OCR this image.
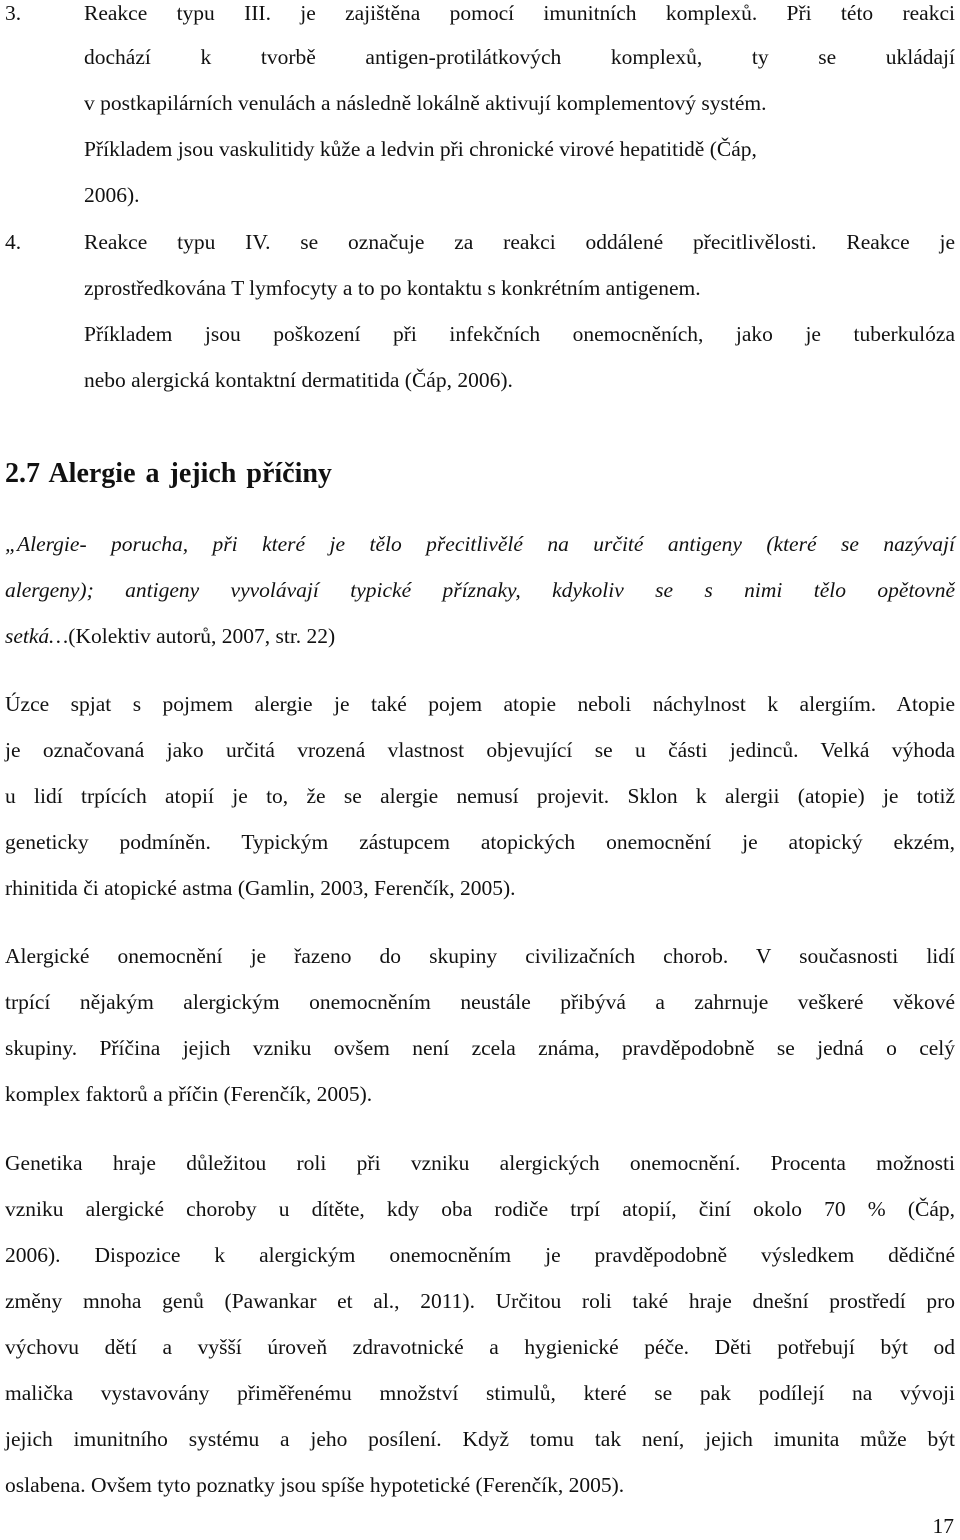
3.	Reakce typu III. je zajištěna pomocí imunitních komplexů. Při této reakci
dochází k tvorbě antigen-protilátkových komplexů, ty se ukládají
v postkapilárních venulách a následně lokálně aktivují komplementový systém.
Příkladem jsou vaskulitidy kůže a ledvin při chronické virové hepatitidě (Čáp,
2006).
4.	Reakce typu IV. se označuje za reakci oddálené přecitlivělosti. Reakce je
zprostředkována T lymfocyty a to po kontaktu s konkrétním antigenem.
Příkladem jsou poškození při infekčních onemocněních, jako je tuberkulóza
nebo alergická kontaktní dermatitida (Čáp, 2006).
2.7 Alergie a jejich příčiny
„Alergie- porucha, při které je tělo přecitlivělé na určité antigeny (které se nazývají
alergeny); antigeny vyvolávají typické příznaky, kdykoliv se s nimi tělo opětovně
setká…(Kolektiv autorů, 2007, str. 22)
Úzce spjat s pojmem alergie je také pojem atopie neboli náchylnost k alergiím. Atopie
je označovaná jako určitá vrozená vlastnost objevující se u části jedinců. Velká výhoda
u lidí trpících atopií je to, že se alergie nemusí projevit. Sklon k alergii (atopie) je totiž
geneticky podmíněn. Typickým zástupcem atopických onemocnění je atopický ekzém,
rhinitida či atopické astma (Gamlin, 2003, Ferenčík, 2005).
Alergické onemocnění je řazeno do skupiny civilizačních chorob. V současnosti lidí
trpící nějakým alergickým onemocněním neustále přibývá a zahrnuje veškeré věkové
skupiny. Příčina jejich vzniku ovšem není zcela známa, pravděpodobně se jedná o celý
komplex faktorů a příčin (Ferenčík, 2005).
Genetika hraje důležitou roli při vzniku alergických onemocnění. Procenta možnosti
vzniku alergické choroby u dítěte, kdy oba rodiče trpí atopií, činí okolo 70 % (Čáp,
2006). Dispozice k alergickým onemocněním je pravděpodobně výsledkem dědičné
změny mnoha genů (Pawankar et al., 2011). Určitou roli také hraje dnešní prostředí pro
výchovu dětí a vyšší úroveň zdravotnické a hygienické péče. Děti potřebují být od
malička vystavovány přiměřenému množství stimulů, které se pak podílejí na vývoji
jejich imunitního systému a jeho posílení. Když tomu tak není, jejich imunita může být
oslabena. Ovšem tyto poznatky jsou spíše hypotetické (Ferenčík, 2005).
17
